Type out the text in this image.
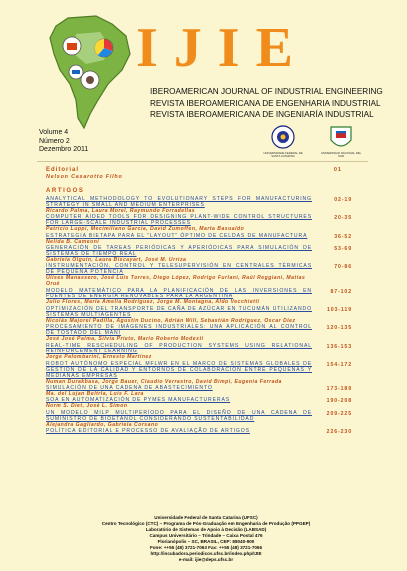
IJIE
IBEROAMERICAN JOURNAL OF INDUSTRIAL ENGINEERING
REVISTA IBEROAMERICANA DE ENGENHARIA INDUSTRIAL
REVISTA IBEROAMERICANA DE INGENIARÍA INDUSTRIAL
Volume 4
Número 2
Dezembro 2011	UNIVERSIDADE FEDERAL DE SANTA CATARINA
UNIVERSIDAD NACIONAL DEL SUR
Editorial
Nelson Casarotto Filho
01
ARTIGOS
ANALYTICAL METHODOLOGY TO EVOLUTIONARY STEPS FOR MANUFACTURING STRATEGY IN SMALL AND MEDIUM ENTERPRISES
Ricardo Palma, Laura Morel, Raymundo Forradellas
02-19
COMPUTER AIDED TOOLS FOR DESIGNING PLANT-WIDE CONTROL STRUCTURES FOR LARGE-SCALE INDUSTRIAL PROCESSES
Patricio Luppi, Mecimiliano Garcia, David Zumoffen, Marta Basualdo
20-35
ESTRATEGIA BIETAPA PARA EL "LAYOUT" ÓPTIMO DE CELDAS DE MANUFACTURA
Nelida B. Cameoni
36-52
GENERACIÓN DE TAREAS PERIÓDICAS Y APERIÓDICAS PARA SIMULACIÓN DE SISTEMAS DE TIEMPO REAL
Gabriela Olguín, Laura Biscayart, José M. Urriza
53-69
INSTRUMENTACIÓN, CONTROL Y TELESUPERVISIÓN EN CENTRALES TÉRMICAS DE PEQUEÑA POTENCIA
Ulises Manassero, José Luis Torres, Diego López, Rodrigo Furlani, Raúl Reggiani, Matías Orué
70-86
MODELO MATEMÁTICO PARA LA PLANIFICACIÓN DE LAS INVERSIONES EN FUENTES DE ENERGÍA RENOVABLES PARA LA ARGENTINA
Julio Flores, María Amelia Rodríguez, Jorge M. Montagna, Aldo Vecchietti
87-102
OPTIMIZACIÓN DEL TRANSPORTE DE CAÑA DE AZÚCAR EN TUCUMÁN UTILIZANDO SISTEMAS MULTIAGENTES
Nicolás Majorel Padilla, Agustín Ducino, Adrián Will, Sebastián Rodríguez, Oscar Diez
103-119
PROCESAMIENTO DE IMÁGENES INDUSTRIALES: UNA APLICACIÓN AL CONTROL DE TOSTADO DEL MANÍ
José José Palma, Silvia Prieto, Mario Roberto Modesti
120-135
REAL-TIME RESCHEDULING OF PRODUCTION SYSTEMS USING RELATIONAL REINFORCEMENT LEARNING
Jorge Palombarini, Ernesto Martínez
136-153
ROBOT AUTÓNOMO ESPECIAL MFLWR EN EL MARCO DE SISTEMAS GLOBALES DE GESTIÓN DE LA CALIDAD Y ENTORNOS DE COLABORACIÓN ENTRE PEQUEÑAS Y MEDIANAS EMPRESAS
Numan Durakbasa, Jorge Bauer, Claudio Verrastro, David Bimpi, Eugenia Ferrada
154-172
SIMULACIÓN DE UNA CADENA DE ABASTECIMIENTO
Ma. del Lujan Beltrla, Luis F. Lara
173-189
SOA EN AUTOMATIZACIÓN DE PYMES MANUFACTURERAS
Norm S. Diet, José L. Simon
190-208
UN MODELO MILP MULTIPERÍODO PARA EL DISEÑO DE UNA CADENA DE SUMINISTRO DE BIOETANOL CONSIDERANDO SUSTENTABILIDAD
Alejandra Gagliardo, Gabriela Corsano
209-225
POLÍTICA EDITORIAL E PROCESSO DE AVALIAÇÃO DE ARTIGOS	226-230
Universidade Federal de Santa Catarina (UFSC)
Centro Tecnológico (CTC) – Programa de Pós-Graduação em Engenharia de Produção (PPGEP)
Laboratório de Sistemas de Apoio à Decisão (LABSAD)
Campus Universitário – Trindade – Caixa Postal 476
Florianópolis – SC, BRASIL, CEP: 88040-900
Fone: ++55 (48) 3721-7063 Fax: ++55 (48) 3721-7066
http://incubadora.periodicos.ufsc.br/index.php/IJIE
e-mail: ijie@deps.ufsc.br
